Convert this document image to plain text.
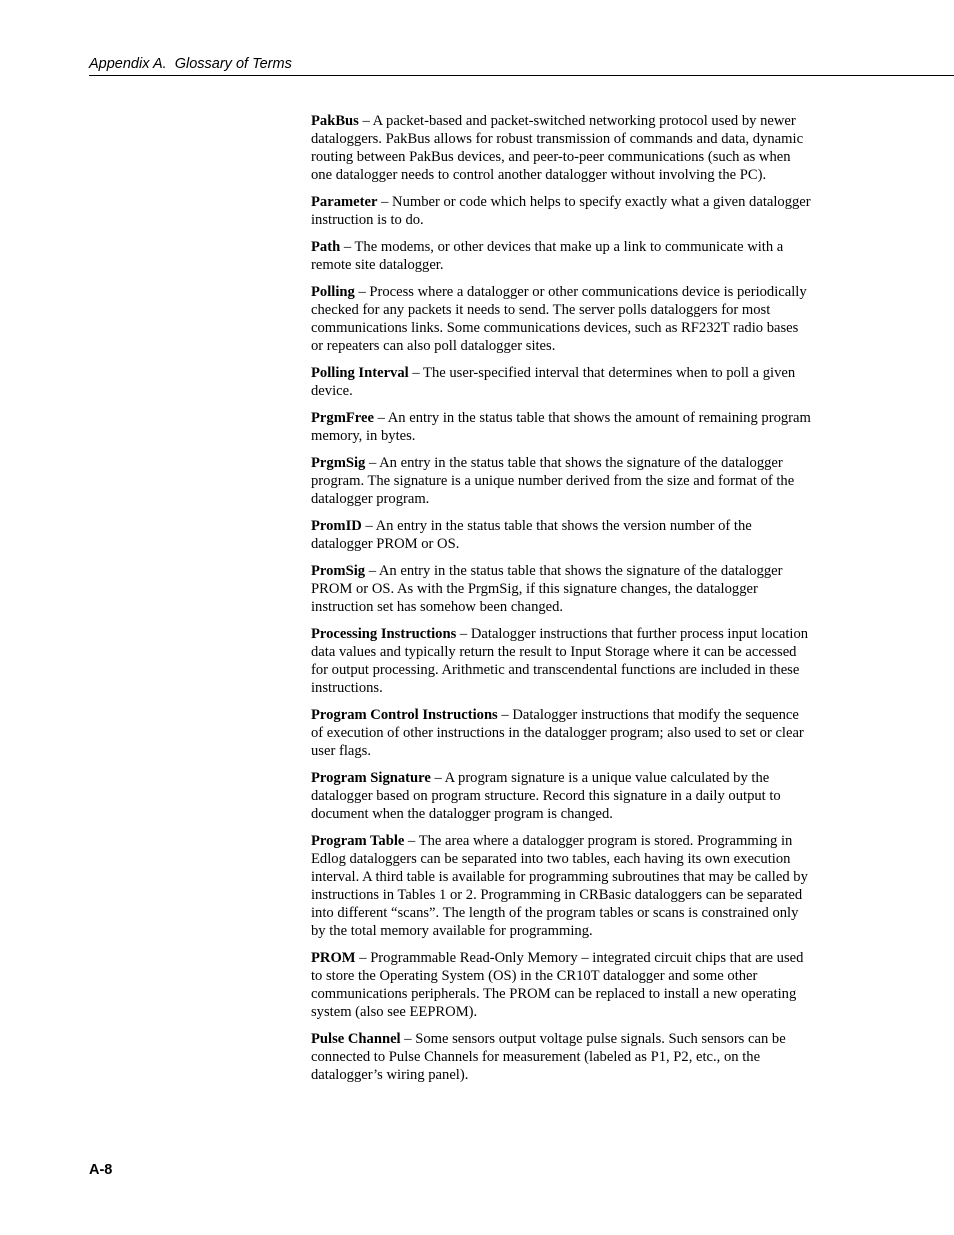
Appendix A.  Glossary of Terms

PakBus – A packet-based and packet-switched networking protocol used by newer dataloggers. PakBus allows for robust transmission of commands and data, dynamic routing between PakBus devices, and peer-to-peer communications (such as when one datalogger needs to control another datalogger without involving the PC).

Parameter – Number or code which helps to specify exactly what a given datalogger instruction is to do.

Path – The modems, or other devices that make up a link to communicate with a remote site datalogger.

Polling – Process where a datalogger or other communications device is periodically checked for any packets it needs to send. The server polls dataloggers for most communications links. Some communications devices, such as RF232T radio bases or repeaters can also poll datalogger sites.

Polling Interval – The user-specified interval that determines when to poll a given device.

PrgmFree – An entry in the status table that shows the amount of remaining program memory, in bytes.

PrgmSig – An entry in the status table that shows the signature of the datalogger program. The signature is a unique number derived from the size and format of the datalogger program.

PromID – An entry in the status table that shows the version number of the datalogger PROM or OS.

PromSig – An entry in the status table that shows the signature of the datalogger PROM or OS. As with the PrgmSig, if this signature changes, the datalogger instruction set has somehow been changed.

Processing Instructions – Datalogger instructions that further process input location data values and typically return the result to Input Storage where it can be accessed for output processing. Arithmetic and transcendental functions are included in these instructions.

Program Control Instructions – Datalogger instructions that modify the sequence of execution of other instructions in the datalogger program; also used to set or clear user flags.

Program Signature – A program signature is a unique value calculated by the datalogger based on program structure. Record this signature in a daily output to document when the datalogger program is changed.

Program Table – The area where a datalogger program is stored. Programming in Edlog dataloggers can be separated into two tables, each having its own execution interval. A third table is available for programming subroutines that may be called by instructions in Tables 1 or 2. Programming in CRBasic dataloggers can be separated into different “scans”. The length of the program tables or scans is constrained only by the total memory available for programming.

PROM – Programmable Read-Only Memory – integrated circuit chips that are used to store the Operating System (OS) in the CR10T datalogger and some other communications peripherals. The PROM can be replaced to install a new operating system (also see EEPROM).

Pulse Channel – Some sensors output voltage pulse signals. Such sensors can be connected to Pulse Channels for measurement (labeled as P1, P2, etc., on the datalogger’s wiring panel).

A-8
